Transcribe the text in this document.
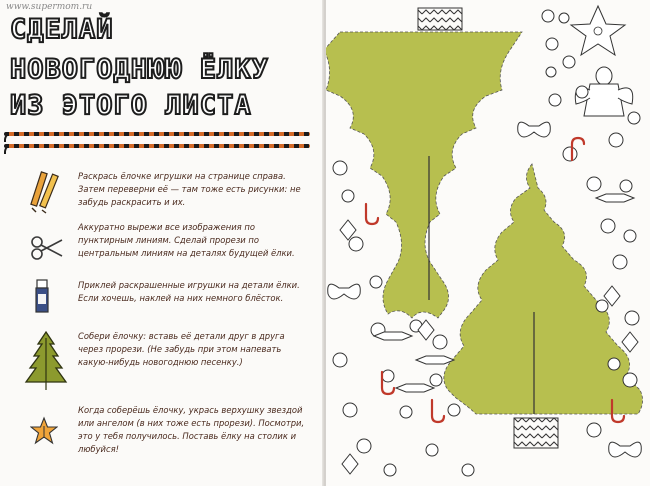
www.supermom.ru
СДЕЛАЙ
НОВОГОДНЮЮ ЁЛКУ
ИЗ ЭТОГО ЛИСТА
Раскрась ёлочке игрушки на странице справа. Затем переверни её — там тоже есть рисунки: не забудь раскрасить и их.
Аккуратно вырежи все изображения по пунктирным линиям. Сделай прорези по центральным линиям на деталях будущей ёлки.
Приклей раскрашенные игрушки на детали ёлки. Если хочешь, наклей на них немного блёсток.
Собери ёлочку: вставь её детали друг в друга через прорези. (Не забудь при этом напевать какую-нибудь новогоднюю песенку.)
Когда соберёшь ёлочку, укрась верхушку звездой или ангелом (в них тоже есть прорези). Посмотри, это у тебя получилось. Поставь ёлку на столик и любуйся!
